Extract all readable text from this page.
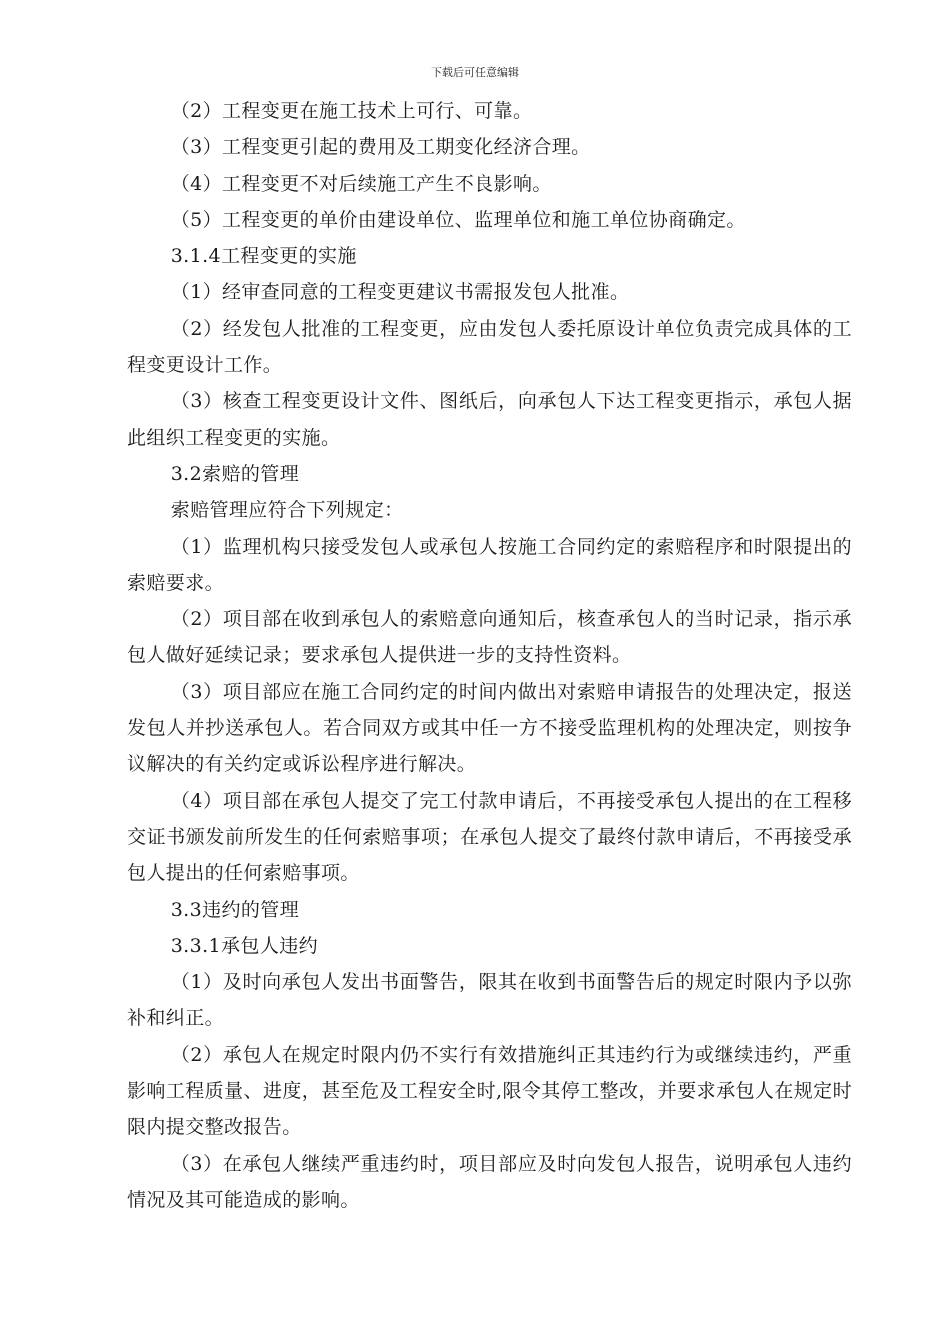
下载后可任意编辑

（2）工程变更在施工技术上可行、可靠。

（3）工程变更引起的费用及工期变化经济合理。

（4）工程变更不对后续施工产生不良影响。

（5）工程变更的单价由建设单位、监理单位和施工单位协商确定。

3.1.4工程变更的实施

（1）经审查同意的工程变更建议书需报发包人批准。

（2）经发包人批准的工程变更，应由发包人委托原设计单位负责完成具体的工程变更设计工作。

（3）核查工程变更设计文件、图纸后，向承包人下达工程变更指示，承包人据此组织工程变更的实施。

3.2索赔的管理

索赔管理应符合下列规定：

（1）监理机构只接受发包人或承包人按施工合同约定的索赔程序和时限提出的索赔要求。

（2）项目部在收到承包人的索赔意向通知后，核查承包人的当时记录，指示承包人做好延续记录；要求承包人提供进一步的支持性资料。

（3）项目部应在施工合同约定的时间内做出对索赔申请报告的处理决定，报送发包人并抄送承包人。若合同双方或其中任一方不接受监理机构的处理决定，则按争议解决的有关约定或诉讼程序进行解决。

（4）项目部在承包人提交了完工付款申请后，不再接受承包人提出的在工程移交证书颁发前所发生的任何索赔事项；在承包人提交了最终付款申请后，不再接受承包人提出的任何索赔事项。

3.3违约的管理

3.3.1承包人违约

（1）及时向承包人发出书面警告，限其在收到书面警告后的规定时限内予以弥补和纠正。

（2）承包人在规定时限内仍不实行有效措施纠正其违约行为或继续违约，严重影响工程质量、进度，甚至危及工程安全时,限令其停工整改，并要求承包人在规定时限内提交整改报告。

（3）在承包人继续严重违约时，项目部应及时向发包人报告，说明承包人违约情况及其可能造成的影响。
